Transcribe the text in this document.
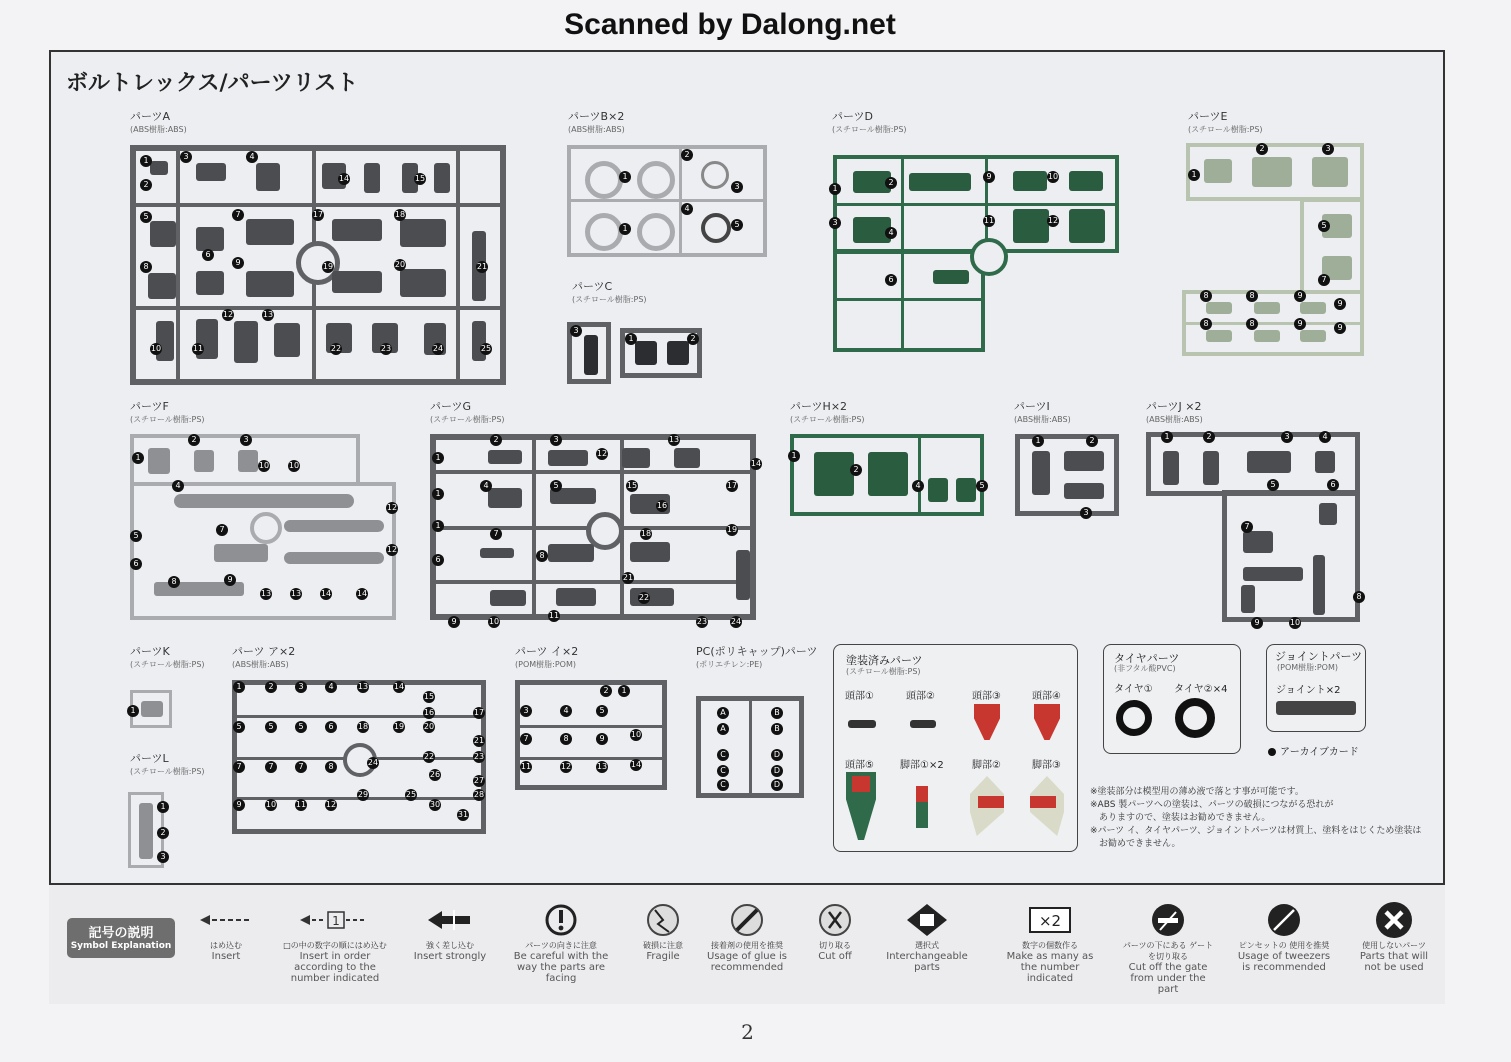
Scanned by Dalong.net
ボルトレックス/パーツリスト
パーツA
(ABS樹脂:ABS)
1
2
3	4
5
6
7
8	9
10	11
12	13
14	15
17	18
19	20	21
22	23	24	25
パーツB×2
(ABS樹脂:ABS)
1
1
2
3
4
5
パーツC
(スチロール樹脂:PS)
3
1	2
パーツD
(スチロール樹脂:PS)
1
2
3
4
9	10
11	12
6
パーツE
(スチロール樹脂:PS)
1
2	3
5
7
8	8	9
9
8	8	9	9
パーツF
(スチロール樹脂:PS)
1
2	3
10 10
4
5
6
7
8	9
12
12
13 13 14	14
パーツG
(スチロール樹脂:PS)
1
1
1
2	3
4	5
6
7
8
9	10
11
12
13
14
15
16
17
18	19
21
22
23	24
パーツH×2
(スチロール樹脂:PS)
1
2
4	5
パーツI
(ABS樹脂:ABS)
1	2
3
パーツJ ×2
(ABS樹脂:ABS)
1	2	3	4
5	6
7
8
9	10
パーツK
(スチロール樹脂:PS)
1
パーツL
(スチロール樹脂:PS)
1
2
3
パーツ ア×2
(ABS樹脂:ABS)
1	2	3	4
5	5	5	6
7	7	7	8
9	10 11 12
13	14
15
16	17
18	19 20
21
22	23
24
25
26
27
28
29
30
31
パーツ イ×2
(POM樹脂:POM)
2	1
3	4	5
7	8	9	10
11	12	13	14
PC(ポリキャップ)パーツ
(ポリエチレン:PE)
A
A
B
B
C
C
C
D
D
D
塗装済みパーツ
(スチロール樹脂:PS)
頭部①	頭部②	頭部③	頭部④
頭部⑤	脚部①×2	脚部②	脚部③
タイヤパーツ
(非フタル酸PVC)
タイヤ① タイヤ②×4
ジョイントパーツ
(POM樹脂:POM)
ジョイント×2
アーカイブカード
※塗装部分は模型用の薄め液で落とす事が可能です。
※ABS 製パーツへの塗装は、パーツの破損につながる恐れが
　ありますので、塗装はお勧めできません。
※パーツ イ、タイヤパーツ、ジョイントパーツは材質上、塗料をはじくため塗装は
　お勧めできません。
記号の説明
Symbol Explanation	はめ込む
Insert
1
□の中の数字の順にはめ込む
Insert in order according to the number indicated
強く差し込む
Insert strongly
パーツの向きに注意
Be careful with the way the parts are facing
破損に注意
Fragile
接着剤の使用を推奨
Usage of glue is recommended
切り取る
Cut off
選択式
Interchangeable parts
×2
数字の個数作る
Make as many as the number indicated
パーツの下にある ゲートを切り取る
Cut off the gate from under the part
ピンセットの 使用を推奨
Usage of tweezers is recommended
使用しないパーツ
Parts that will not be used
2
